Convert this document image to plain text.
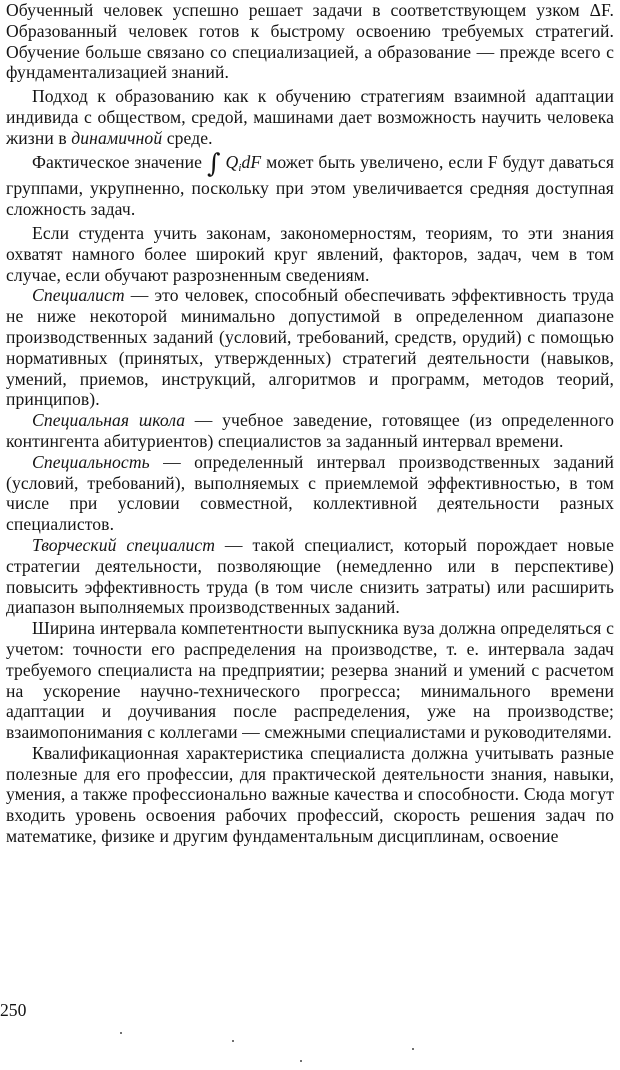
Обученный человек успешно решает задачи в соответствующем узком ΔF. Образованный человек готов к быстрому освоению требуемых стратегий. Обучение больше связано со специализацией, а образование — прежде всего с фундаментализацией знаний.

Подход к образованию как к обучению стратегиям взаимной адаптации индивида с обществом, средой, машинами дает возможность научить человека жизни в динамичной среде.

Фактическое значение ∫ $Q_idF$ может быть увеличено, если F будут даваться группами, укрупненно, поскольку при этом увеличивается средняя доступная сложность задач.

Если студента учить законам, закономерностям, теориям, то эти знания охватят намного более широкий круг явлений, факторов, задач, чем в том случае, если обучают разрозненным сведениям.

Специалист — это человек, способный обеспечивать эффективность труда не ниже некоторой минимально допустимой в определенном диапазоне производственных заданий (условий, требований, средств, орудий) с помощью нормативных (принятых, утвержденных) стратегий деятельности (навыков, умений, приемов, инструкций, алгоритмов и программ, методов теорий, принципов).

Специальная школа — учебное заведение, готовящее (из определенного контингента абитуриентов) специалистов за заданный интервал времени.

Специальность — определенный интервал производственных заданий (условий, требований), выполняемых с приемлемой эффективностью, в том числе при условии совместной, коллективной деятельности разных специалистов.

Творческий специалист — такой специалист, который порождает новые стратегии деятельности, позволяющие (немедленно или в перспективе) повысить эффективность труда (в том числе снизить затраты) или расширить диапазон выполняемых производственных заданий.

Ширина интервала компетентности выпускника вуза должна определяться с учетом: точности его распределения на производстве, т. е. интервала задач требуемого специалиста на предприятии; резерва знаний и умений с расчетом на ускорение научно-технического прогресса; минимального времени адаптации и доучивания после распределения, уже на производстве; взаимопонимания с коллегами — смежными специалистами и руководителями.

Квалификационная характеристика специалиста должна учитывать разные полезные для его профессии, для практической деятельности знания, навыки, умения, а также профессионально важные качества и способности. Сюда могут входить уровень освоения рабочих профессий, скорость решения задач по математике, физике и другим фундаментальным дисциплинам, освоение

250
